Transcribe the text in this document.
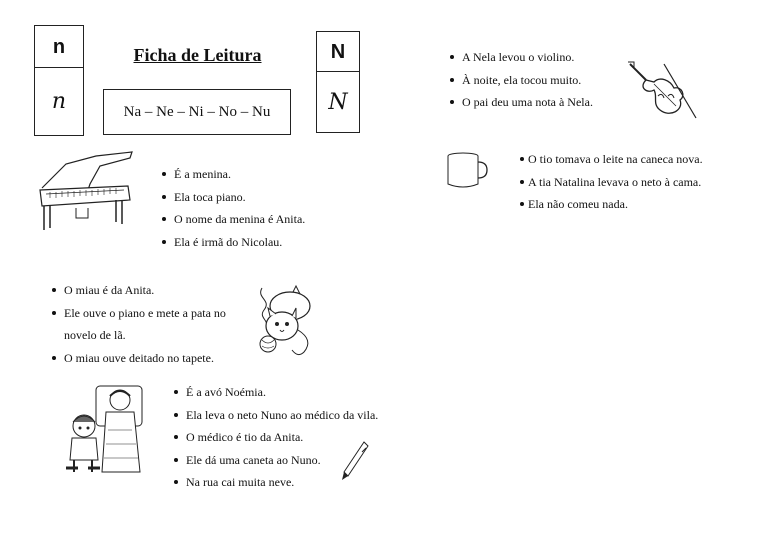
n
n
Ficha de Leitura
Na – Ne – Ni – No – Nu
N
N
É a menina.
Ela toca piano.
O nome da menina é Anita.
Ela é irmã do Nicolau.
O miau é da Anita.
Ele ouve o piano e mete a pata no
novelo de lã.
O miau ouve deitado no tapete.
É a avó Noémia.
Ela leva o neto Nuno ao médico da vila.
O médico é tio da Anita.
Ele dá uma caneta ao Nuno.
Na rua cai muita neve.
A Nela levou o violino.
À noite, ela tocou muito.
O pai deu uma nota à Nela.
O tio tomava o leite na caneca nova.
A tia Natalina levava o neto à cama.
Ela não comeu nada.
